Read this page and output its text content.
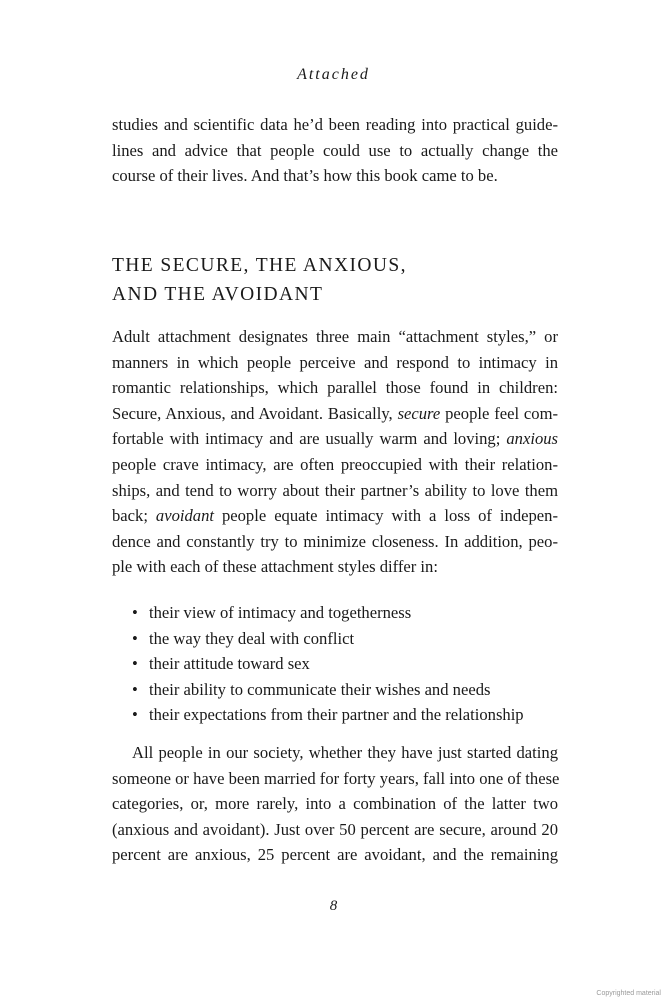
Attached
studies and scientific data he’d been reading into practical guide-
lines and advice that people could use to actually change the
course of their lives. And that’s how this book came to be.
THE SECURE, THE ANXIOUS,
AND THE AVOIDANT
Adult attachment designates three main “attachment styles,” or
manners in which people perceive and respond to intimacy in
romantic relationships, which parallel those found in children:
Secure, Anxious, and Avoidant. Basically, secure people feel com-
fortable with intimacy and are usually warm and loving; anxious
people crave intimacy, are often preoccupied with their relation-
ships, and tend to worry about their partner’s ability to love them
back; avoidant people equate intimacy with a loss of indepen-
dence and constantly try to minimize closeness. In addition, peo-
ple with each of these attachment styles differ in:
• their view of intimacy and togetherness
• the way they deal with conflict
• their attitude toward sex
• their ability to communicate their wishes and needs
• their expectations from their partner and the relationship
All people in our society, whether they have just started dating
someone or have been married for forty years, fall into one of these
categories, or, more rarely, into a combination of the latter two
(anxious and avoidant). Just over 50 percent are secure, around 20
percent are anxious, 25 percent are avoidant, and the remaining
8
Copyrighted material
